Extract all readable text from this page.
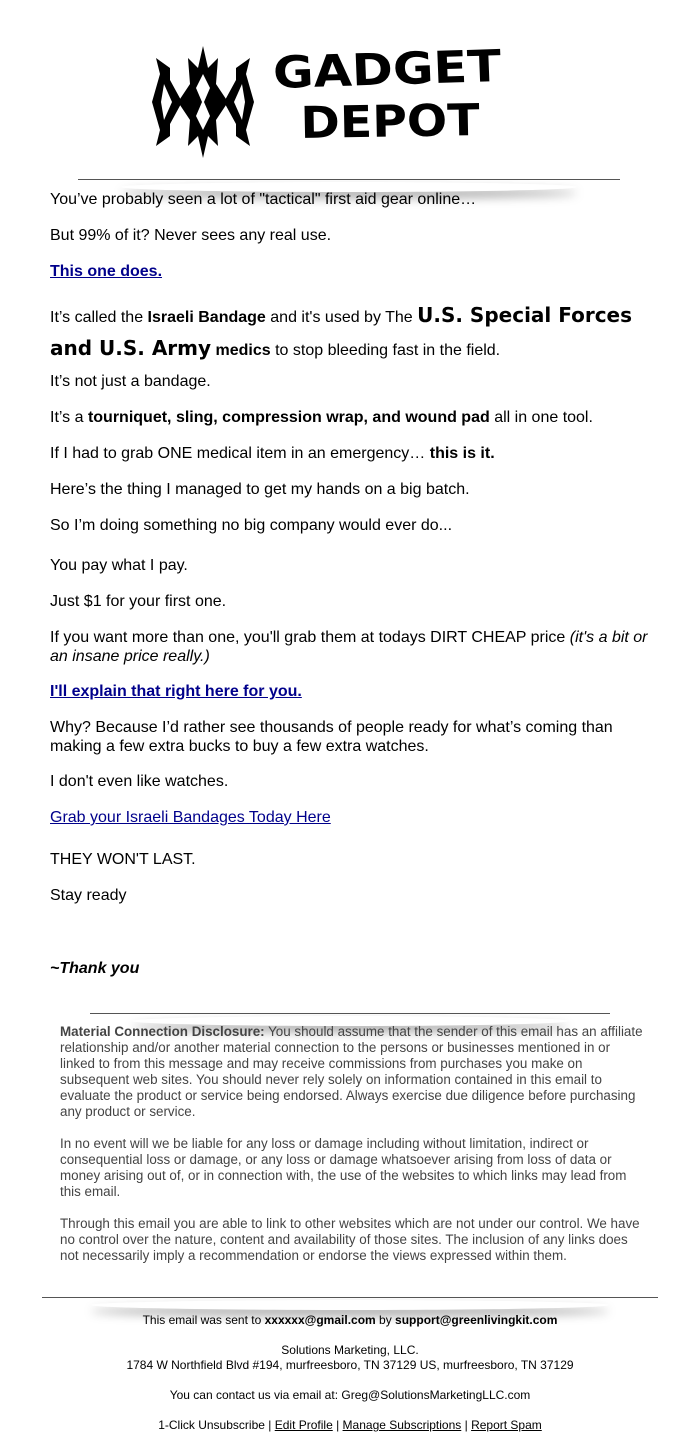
GADGET
DEPOT

You’ve probably seen a lot of "tactical" first aid gear online…

But 99% of it? Never sees any real use.

This one does.

It’s called the Israeli Bandage and it's used by The U.S. Special Forces and U.S. Army medics to stop bleeding fast in the field.

It’s not just a bandage.

It’s a tourniquet, sling, compression wrap, and wound pad all in one tool.

If I had to grab ONE medical item in an emergency… this is it.

Here’s the thing I managed to get my hands on a big batch.

So I’m doing something no big company would ever do...

You pay what I pay.

Just $1 for your first one.

If you want more than one, you'll grab them at todays DIRT CHEAP price (it's a bit or an insane price really.)

I'll explain that right here for you.

Why? Because I’d rather see thousands of people ready for what’s coming than making a few extra bucks to buy a few extra watches.

I don't even like watches.

Grab your Israeli Bandages Today Here

THEY WON'T LAST.

Stay ready

~Thank you

Material Connection Disclosure: You should assume that the sender of this email has an affiliate relationship and/or another material connection to the persons or businesses mentioned in or linked to from this message and may receive commissions from purchases you make on subsequent web sites. You should never rely solely on information contained in this email to evaluate the product or service being endorsed. Always exercise due diligence before purchasing any product or service.

In no event will we be liable for any loss or damage including without limitation, indirect or consequential loss or damage, or any loss or damage whatsoever arising from loss of data or money arising out of, or in connection with, the use of the websites to which links may lead from this email.

Through this email you are able to link to other websites which are not under our control. We have no control over the nature, content and availability of those sites. The inclusion of any links does not necessarily imply a recommendation or endorse the views expressed within them.

This email was sent to xxxxxx@gmail.com by support@greenlivingkit.com

Solutions Marketing, LLC.

1784 W Northfield Blvd #194, murfreesboro, TN 37129 US, murfreesboro, TN 37129

You can contact us via email at: Greg@SolutionsMarketingLLC.com

1-Click Unsubscribe | Edit Profile | Manage Subscriptions | Report Spam
